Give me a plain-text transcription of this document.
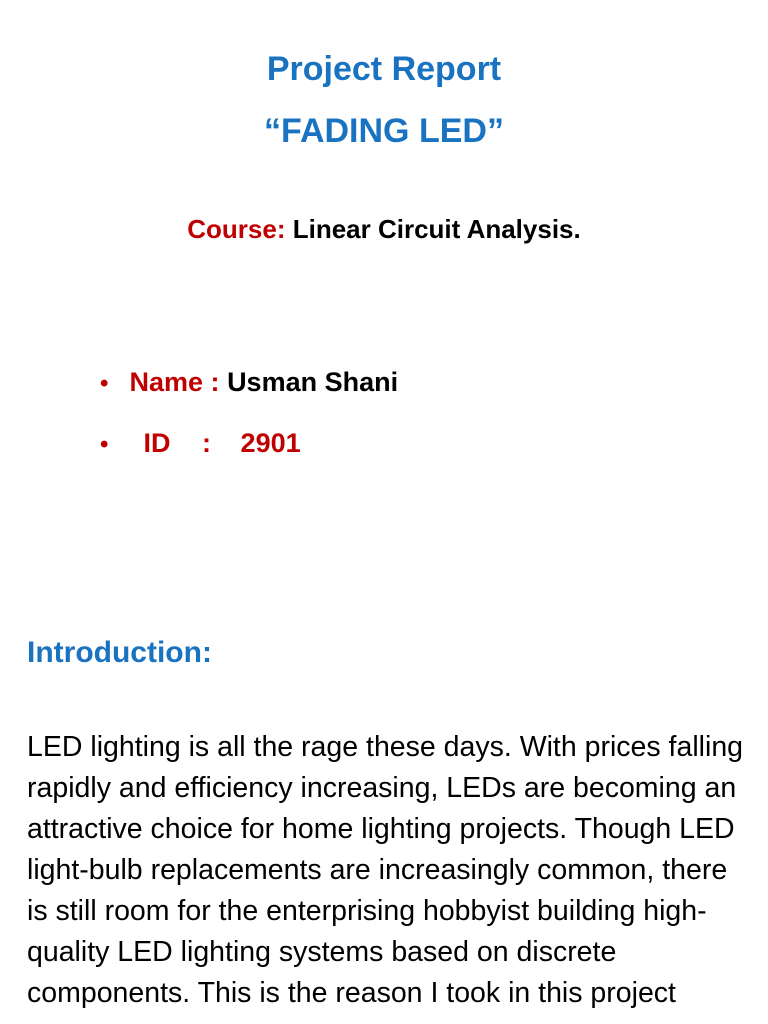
Project Report
“FADING LED”
Course: Linear Circuit Analysis.
• Name : Usman Shani
• ID : 2901
Introduction:

LED lighting is all the rage these days. With prices falling rapidly and efficiency increasing, LEDs are becoming an attractive choice for home lighting projects. Though LED light-bulb replacements are increasingly common, there is still room for the enterprising hobbyist building high-quality LED lighting systems based on discrete components. This is the reason I took in this project
